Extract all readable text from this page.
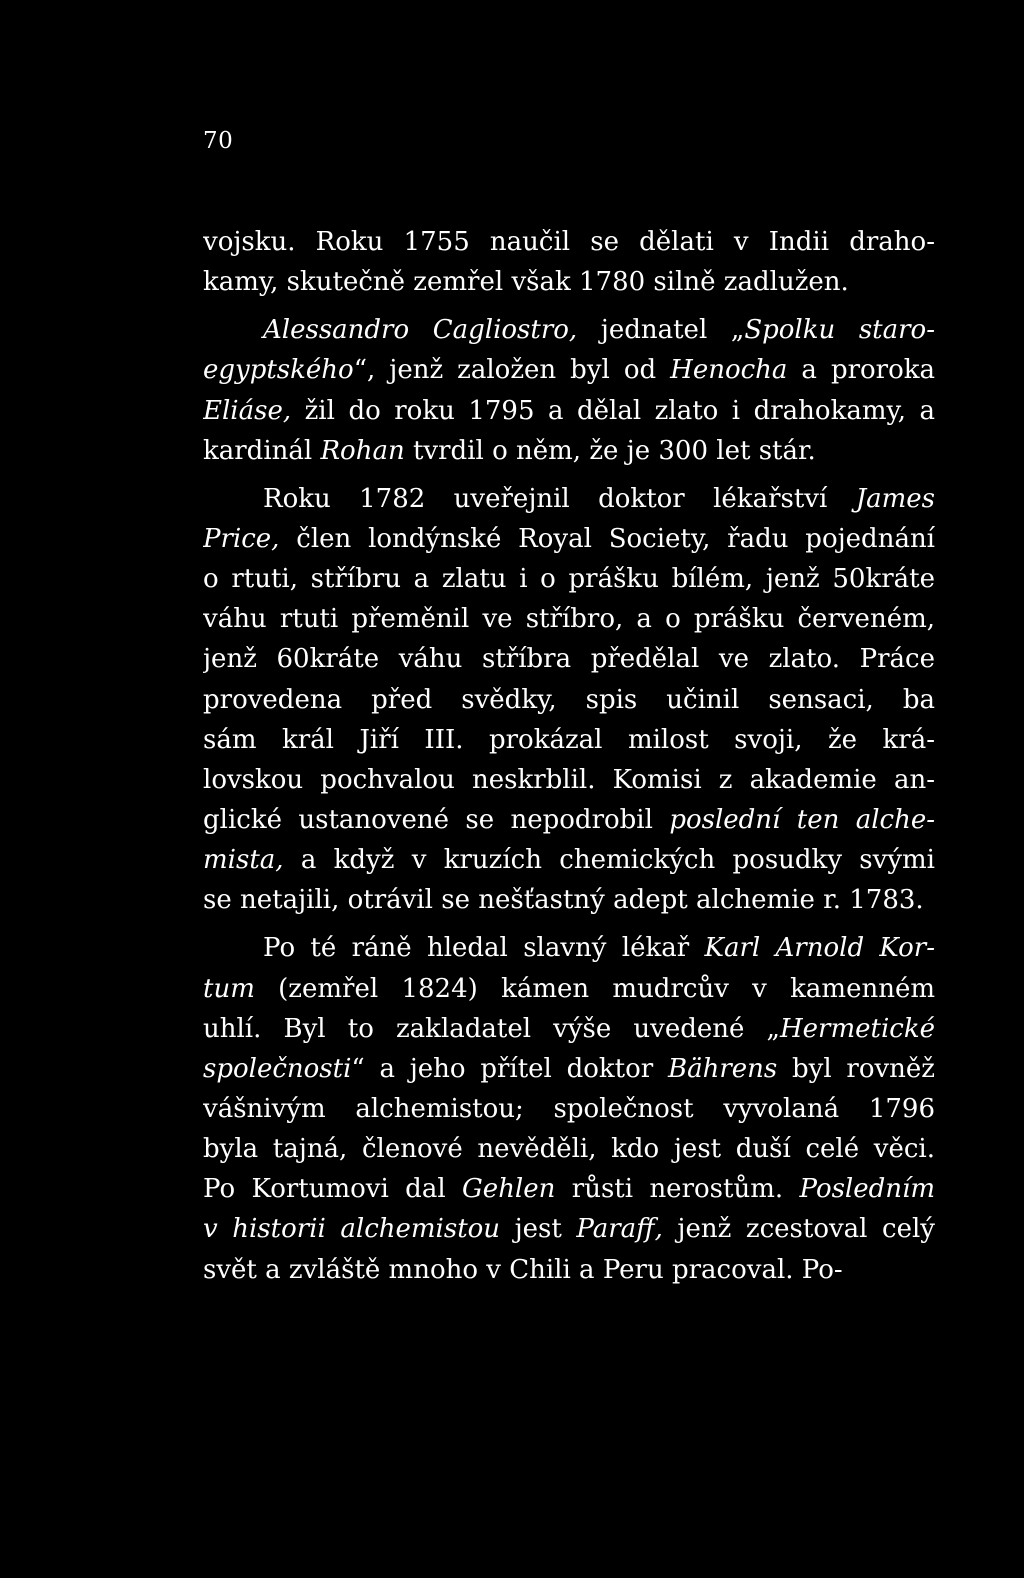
70
vojsku. Roku 1755 naučil se dělati v Indii draho-
kamy, skutečně zemřel však 1780 silně zadlužen.
Alessandro Cagliostro, jednatel „Spolku staro-
egyptského“, jenž založen byl od Henocha a proroka
Eliáse, žil do roku 1795 a dělal zlato i drahokamy, a
kardinál Rohan tvrdil o něm, že je 300 let stár.
Roku 1782 uveřejnil doktor lékařství James
Price, člen londýnské Royal Society, řadu pojednání
o rtuti, stříbru a zlatu i o prášku bílém, jenž 50kráte
váhu rtuti přeměnil ve stříbro, a o prášku červeném,
jenž 60kráte váhu stříbra předělal ve zlato. Práce
provedena před svědky, spis učinil sensaci, ba
sám král Jiří III. prokázal milost svoji, že krá-
lovskou pochvalou neskrblil. Komisi z akademie an-
glické ustanovené se nepodrobil poslední ten alche-
mista, a když v kruzích chemických posudky svými
se netajili, otrávil se nešťastný adept alchemie r. 1783.
Po té ráně hledal slavný lékař Karl Arnold Kor-
tum (zemřel 1824) kámen mudrcův v kamenném
uhlí. Byl to zakladatel výše uvedené „Hermetické
společnosti“ a jeho přítel doktor Bährens byl rovněž
vášnivým alchemistou; společnost vyvolaná 1796
byla tajná, členové nevěděli, kdo jest duší celé věci.
Po Kortumovi dal Gehlen růsti nerostům. Posledním
v historii alchemistou jest Paraff, jenž zcestoval celý
svět a zvláště mnoho v Chili a Peru pracoval. Po-
